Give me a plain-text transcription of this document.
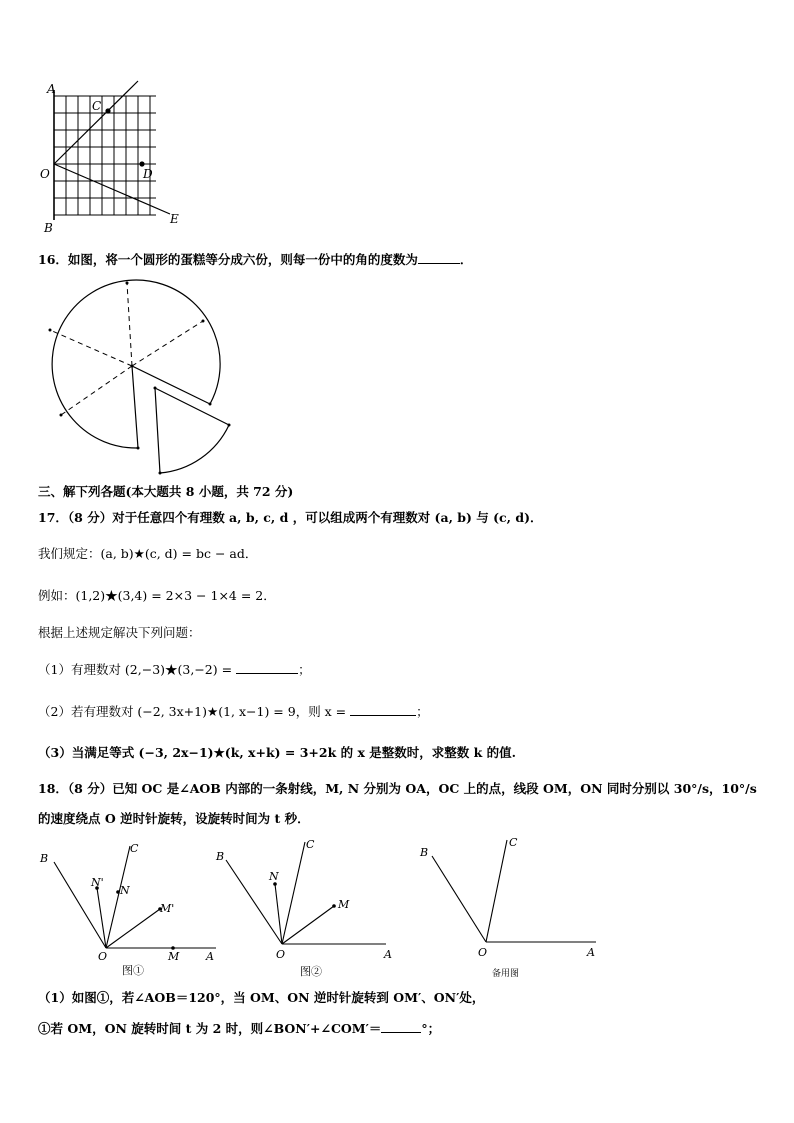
A
C
O	D
E
B
16．如图，将一个圆形的蛋糕等分成六份，则每一份中的角的度数为	．
三、解下列各题(本大题共 8 小题，共 72 分)
17．（8 分）对于任意四个有理数 a, b, c, d ，可以组成两个有理数对 (a, b) 与 (c, d)．
我们规定：(a, b)★(c, d) = bc − ad．
例如：(1,2)★(3,4) = 2×3 − 1×4 = 2．
根据上述规定解决下列问题：
（1）有理数对 (2,−3)★(3,−2) =	；
（2）若有理数对 (−2, 3x+1)★(1, x−1) = 9，则 x =	；
（3）当满足等式 (−3, 2x−1)★(k, x+k) = 3+2k 的 x 是整数时，求整数 k 的值.
18．（8 分）已知 OC 是∠AOB 内部的一条射线，M, N 分别为 OA，OC 上的点，线段 OM，ON 同时分别以 30°/s，10°/s
的速度绕点 O 逆时针旋转，设旋转时间为 t 秒．
B
C
N'
N
M'
O	M A
图①
B
C
N
M
O	A
图②
B
C
O	A
备用图
（1）如图①，若∠AOB＝120°，当 OM、ON 逆时针旋转到 OM′、ON′处，
①若 OM，ON 旋转时间 t 为 2 时，则∠BON′+∠COM′＝	°；
